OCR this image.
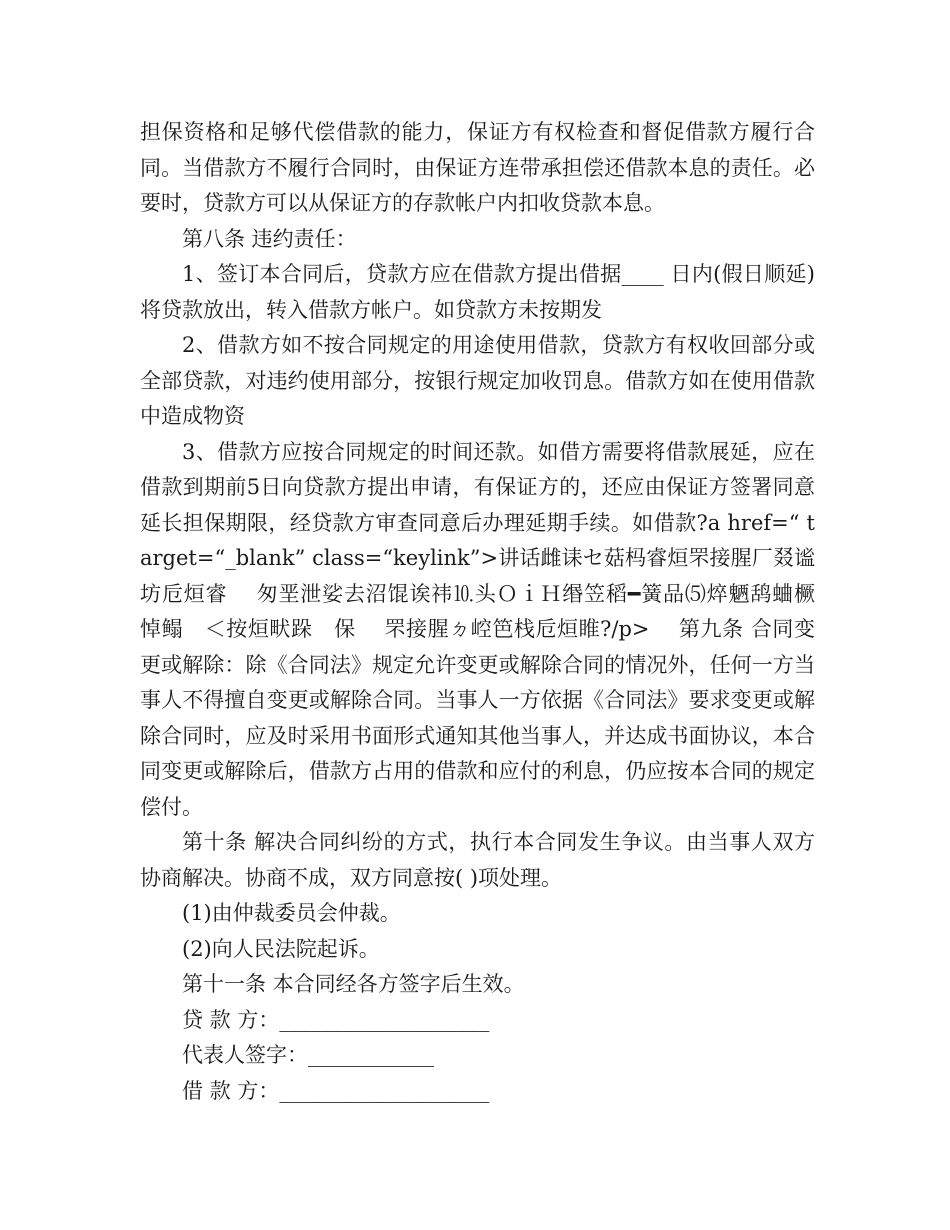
担保资格和足够代偿借款的能力，保证方有权检查和督促借款方履行合同。当借款方不履行合同时，由保证方连带承担偿还借款本息的责任。必要时，贷款方可以从保证方的存款帐户内扣收贷款本息。

第八条 违约责任：

1、签订本合同后，贷款方应在借款方提出借据____ 日内(假日顺延)将贷款放出，转入借款方帐户。如贷款方未按期发

2、借款方如不按合同规定的用途使用借款，贷款方有权收回部分或全部贷款，对违约使用部分，按银行规定加收罚息。借款方如在使用借款中造成物资

3、借款方应按合同规定的时间还款。如借方需要将借款展延，应在借款到期前5日向贷款方提出申请，有保证方的，还应由保证方签署同意延长担保期限，经贷款方审查同意后办理延期手续。如借款?a href=“ target=“_blank” class=“keylink”>讲话雌诔セ菇杩睿烜罘接腥厂叕谧坊卮烜睿　 匆垩泄娑去沼馄诶祎⒑头ＯｉＨ缗笠稻━簧品⑸焠魉鸹蛐橛　悼鳎　＜按烜畎跺　保　 罘接腥ㄉ崆笆栈卮烜睢?/p>　 第九条 合同变更或解除：除《合同法》规定允许变更或解除合同的情况外，任何一方当事人不得擅自变更或解除合同。当事人一方依据《合同法》要求变更或解除合同时，应及时采用书面形式通知其他当事人，并达成书面协议，本合同变更或解除后，借款方占用的借款和应付的利息，仍应按本合同的规定偿付。

第十条 解决合同纠纷的方式，执行本合同发生争议。由当事人双方协商解决。协商不成，双方同意按( )项处理。

(1)由仲裁委员会仲裁。

(2)向人民法院起诉。

第十一条 本合同经各方签字后生效。

贷 款 方：____________________

代表人签字：____________

借 款 方：____________________
